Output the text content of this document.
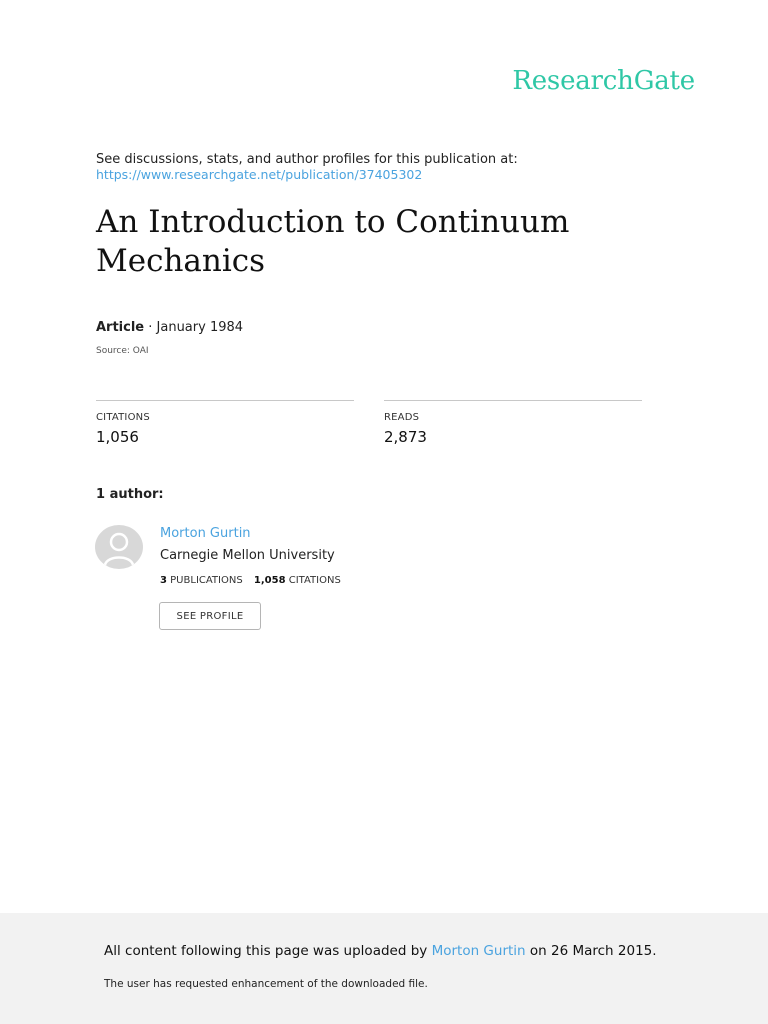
ResearchGate
See discussions, stats, and author profiles for this publication at:
https://www.researchgate.net/publication/37405302
An Introduction to Continuum Mechanics
Article · January 1984
Source: OAI
CITATIONS
1,056
READS
2,873
1 author:
Morton Gurtin
Carnegie Mellon University
3 PUBLICATIONS 1,058 CITATIONS
SEE PROFILE
All content following this page was uploaded by Morton Gurtin on 26 March 2015.
The user has requested enhancement of the downloaded file.
